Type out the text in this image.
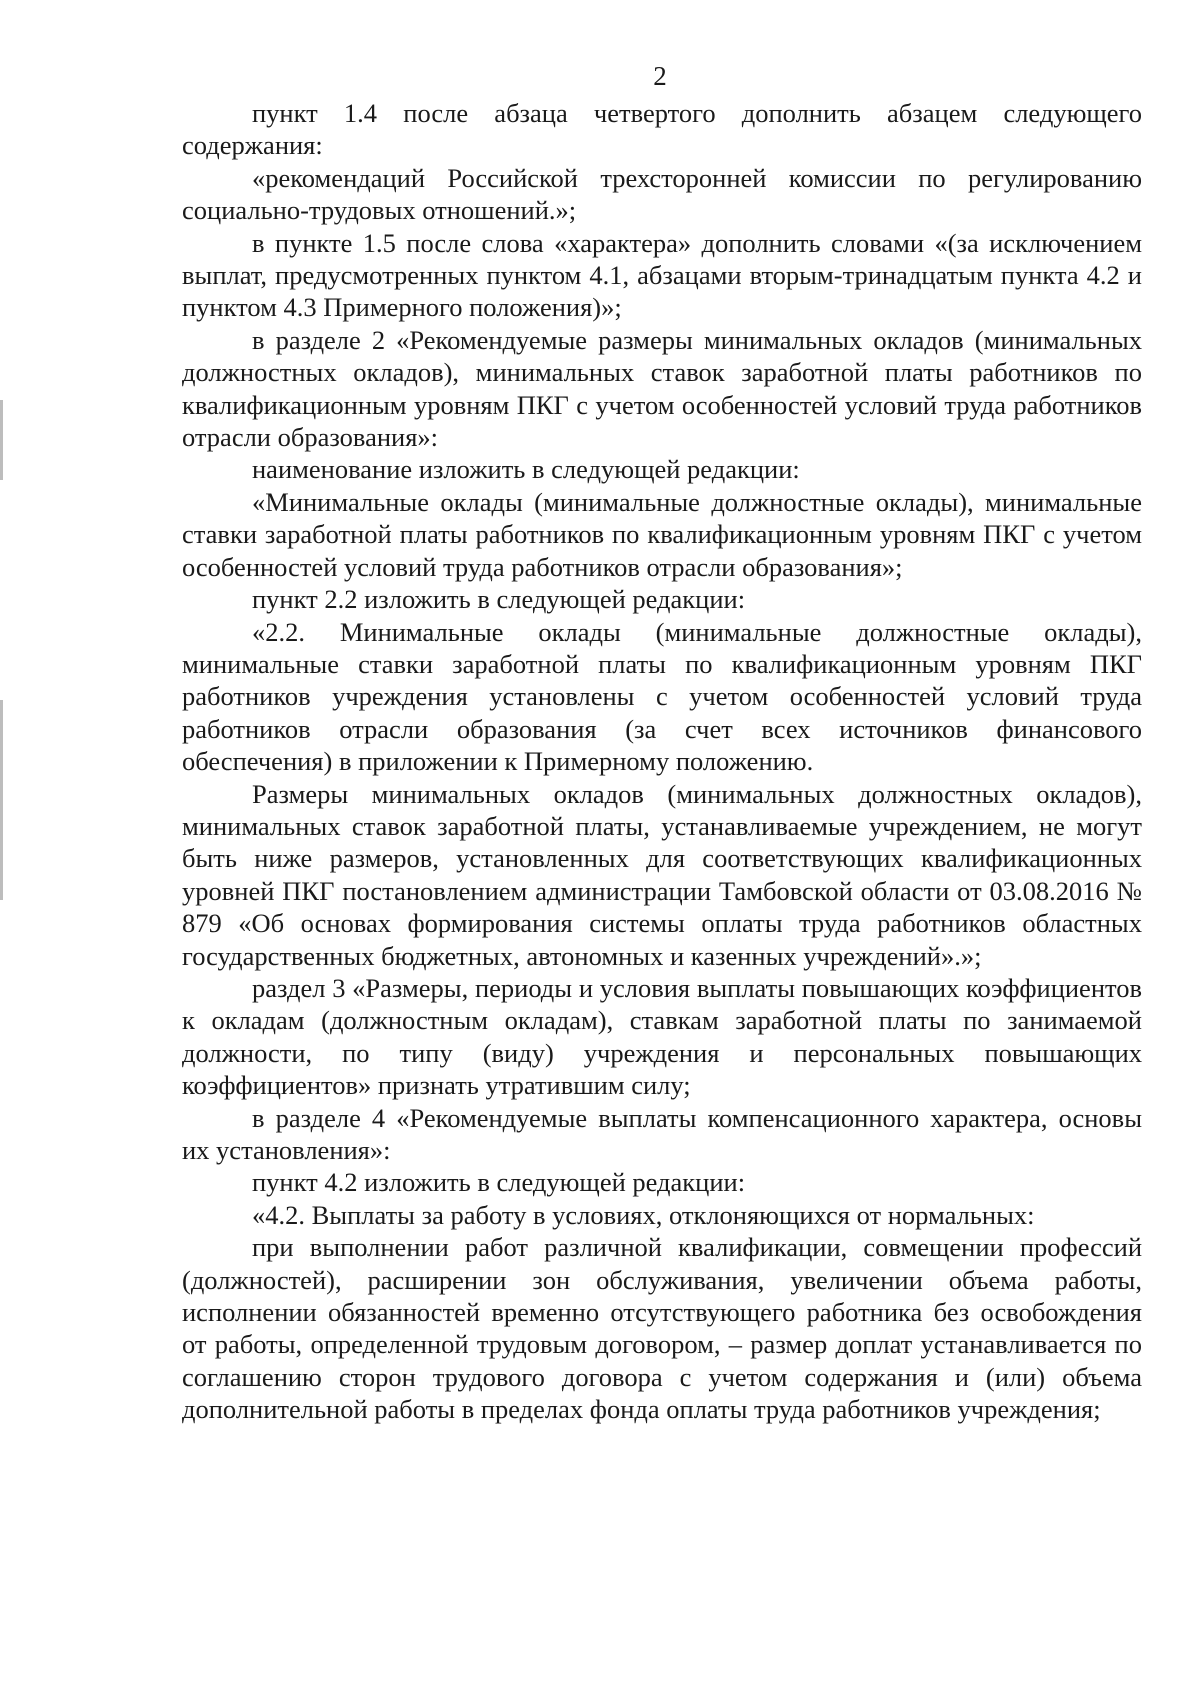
2

пункт 1.4 после абзаца четвертого дополнить абзацем следующего содержания:

«рекомендаций Российской трехсторонней комиссии по регулированию социально-трудовых отношений.»;

в пункте 1.5 после слова «характера» дополнить словами «(за исключением выплат, предусмотренных пунктом 4.1, абзацами вторым-тринадцатым пункта 4.2 и пунктом 4.3 Примерного положения)»;

в разделе 2 «Рекомендуемые размеры минимальных окладов (минимальных должностных окладов), минимальных ставок заработной платы работников по квалификационным уровням ПКГ с учетом особенностей условий труда работников отрасли образования»:

наименование изложить в следующей редакции:

«Минимальные оклады (минимальные должностные оклады), минимальные ставки заработной платы работников по квалификационным уровням ПКГ с учетом особенностей условий труда работников отрасли образования»;

пункт 2.2 изложить в следующей редакции:

«2.2. Минимальные оклады (минимальные должностные оклады), минимальные ставки заработной платы по квалификационным уровням ПКГ работников учреждения установлены с учетом особенностей условий труда работников отрасли образования (за счет всех источников финансового обеспечения) в приложении к Примерному положению.

Размеры минимальных окладов (минимальных должностных окладов), минимальных ставок заработной платы, устанавливаемые учреждением, не могут быть ниже размеров, установленных для соответствующих квалификационных уровней ПКГ постановлением администрации Тамбовской области от 03.08.2016 № 879 «Об основах формирования системы оплаты труда работников областных государственных бюджетных, автономных и казенных учреждений».»;

раздел 3 «Размеры, периоды и условия выплаты повышающих коэффициентов к окладам (должностным окладам), ставкам заработной платы по занимаемой должности, по типу (виду) учреждения и персональных повышающих коэффициентов» признать утратившим силу;

в разделе 4 «Рекомендуемые выплаты компенсационного характера, основы их установления»:

пункт 4.2 изложить в следующей редакции:

«4.2. Выплаты за работу в условиях, отклоняющихся от нормальных:

при выполнении работ различной квалификации, совмещении профессий (должностей), расширении зон обслуживания, увеличении объема работы, исполнении обязанностей временно отсутствующего работника без освобождения от работы, определенной трудовым договором, – размер доплат устанавливается по соглашению сторон трудового договора с учетом содержания и (или) объема дополнительной работы в пределах фонда оплаты труда работников учреждения;
